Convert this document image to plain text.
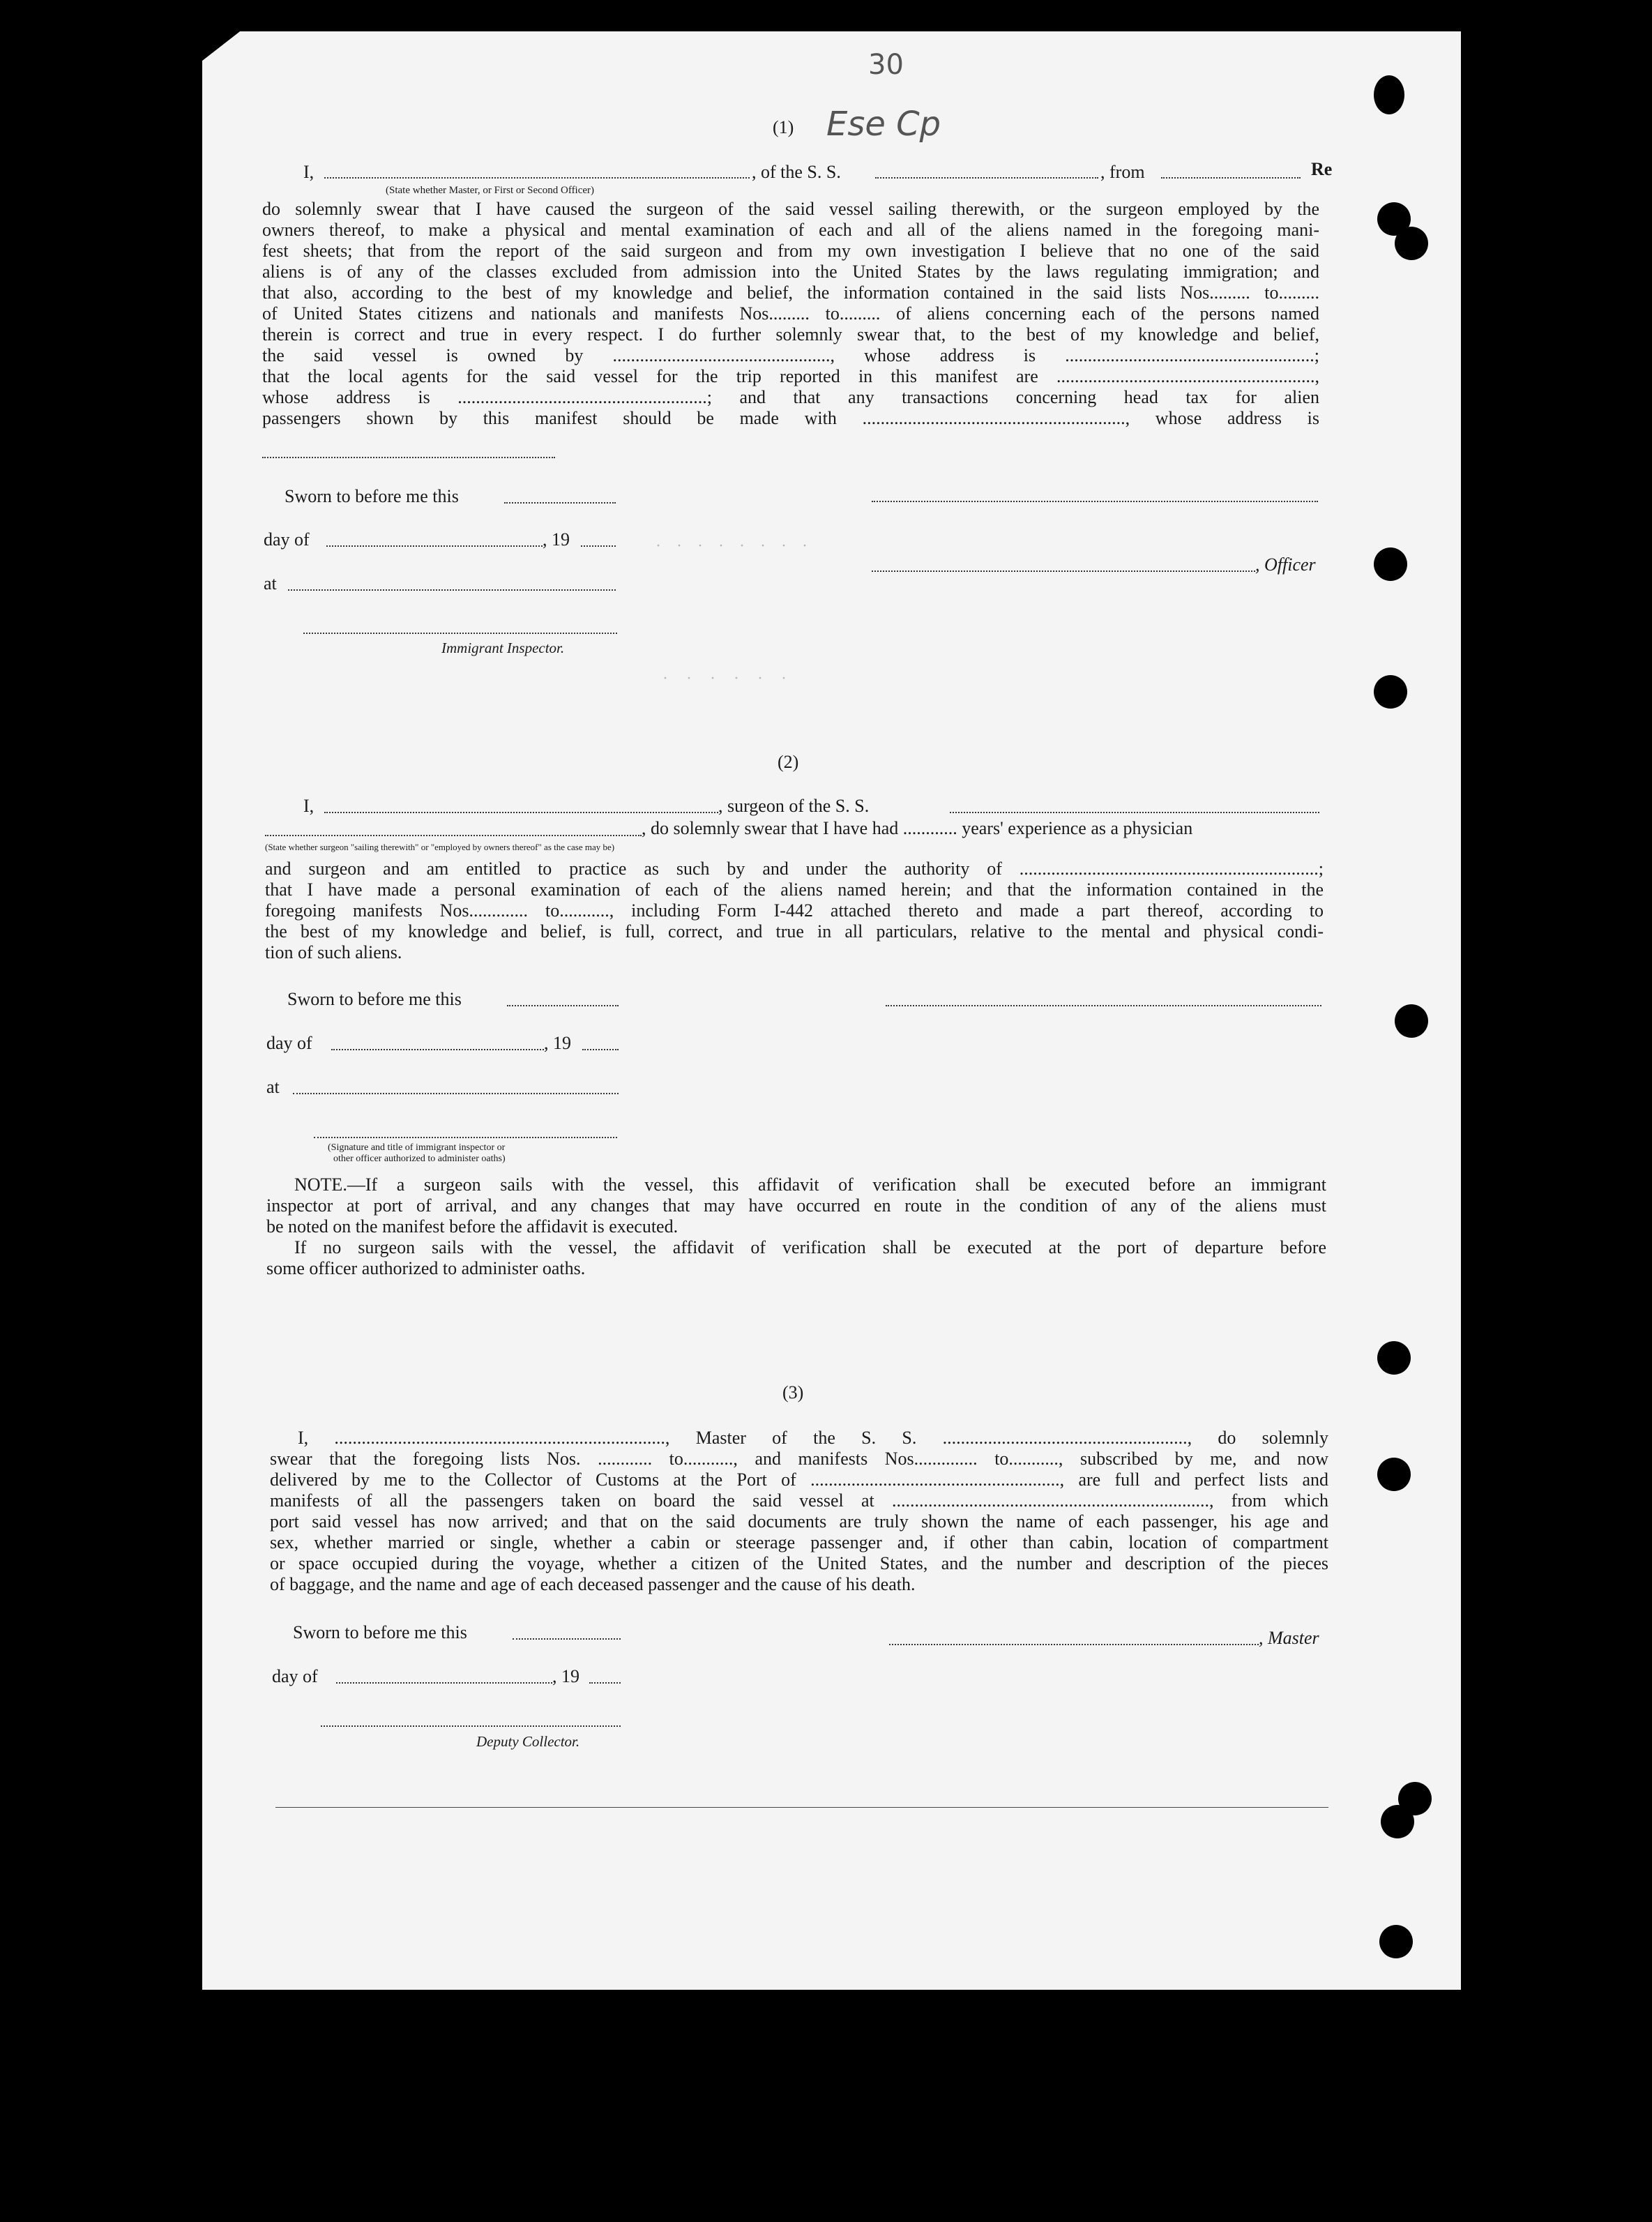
30
Ese Cp
Re
(1)
I,	, of the S. S.	, from
(State whether Master, or First or Second Officer)
do solemnly swear that I have caused the surgeon of the said vessel sailing therewith, or the surgeon employed by the
owners thereof, to make a physical and mental examination of each and all of the aliens named in the foregoing mani-
fest sheets; that from the report of the said surgeon and from my own investigation I believe that no one of the said
aliens is of any of the classes excluded from admission into the United States by the laws regulating immigration; and
that also, according to the best of my knowledge and belief, the information contained in the said lists Nos......... to.........
of United States citizens and nationals and manifests Nos......... to......... of aliens concerning each of the persons named
therein is correct and true in every respect. I do further solemnly swear that, to the best of my knowledge and belief,
the said vessel is owned by ................................................, whose address is .......................................................;
that the local agents for the said vessel for the trip reported in this manifest are .........................................................,
whose address is .......................................................; and that any transactions concerning head tax for alien
passengers shown by this manifest should be made with .........................................................., whose address is
Sworn to before me this
day of	, 19
, Officer
at
Immigrant Inspector.
· · · · · · · ·
· · · · · ·
(2)
I,	, surgeon of the S. S.
, do solemnly swear that I have had ............ years' experience as a physician
(State whether surgeon "sailing therewith" or "employed by owners thereof" as the case may be)
and surgeon and am entitled to practice as such by and under the authority of ..................................................................;
that I have made a personal examination of each of the aliens named herein; and that the information contained in the
foregoing manifests Nos............. to..........., including Form I-442 attached thereto and made a part thereof, according to
the best of my knowledge and belief, is full, correct, and true in all particulars, relative to the mental and physical condi-
tion of such aliens.
Sworn to before me this
day of	, 19
at
(Signature and title of immigrant inspector or
other officer authorized to administer oaths)
NOTE.—If a surgeon sails with the vessel, this affidavit of verification shall be executed before an immigrant
inspector at port of arrival, and any changes that may have occurred en route in the condition of any of the aliens must
be noted on the manifest before the affidavit is executed.
If no surgeon sails with the vessel, the affidavit of verification shall be executed at the port of departure before
some officer authorized to administer oaths.
(3)
I, ........................................................................., Master of the S. S. ......................................................, do solemnly
swear that the foregoing lists Nos. ............ to..........., and manifests Nos.............. to..........., subscribed by me, and now
delivered by me to the Collector of Customs at the Port of ......................................................., are full and perfect lists and
manifests of all the passengers taken on board the said vessel at ......................................................................, from which
port said vessel has now arrived; and that on the said documents are truly shown the name of each passenger, his age and
sex, whether married or single, whether a cabin or steerage passenger and, if other than cabin, location of compartment
or space occupied during the voyage, whether a citizen of the United States, and the number and description of the pieces
of baggage, and the name and age of each deceased passenger and the cause of his death.
Sworn to before me this	, Master
day of	, 19
Deputy Collector.
